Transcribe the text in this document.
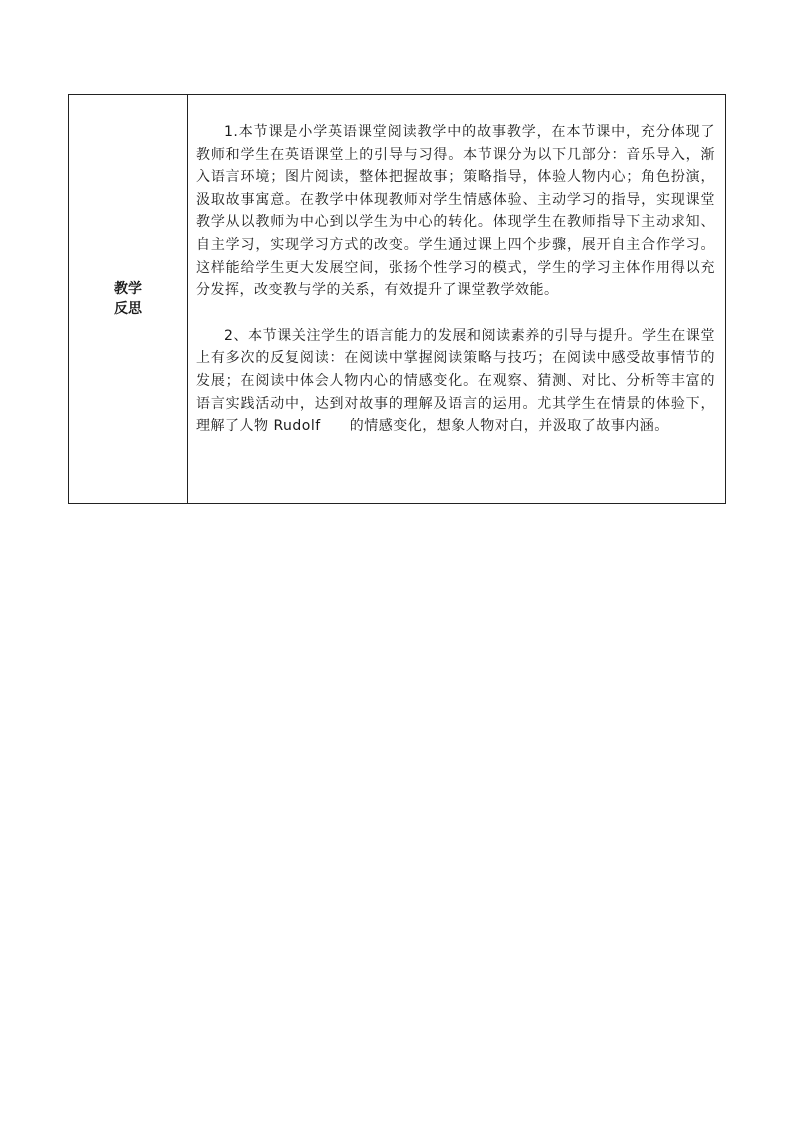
教学
反思

1.本节课是小学英语课堂阅读教学中的故事教学，在本节课中，充分体现了教师和学生在英语课堂上的引导与习得。本节课分为以下几部分：音乐导入，渐入语言环境；图片阅读，整体把握故事；策略指导，体验人物内心；角色扮演，汲取故事寓意。在教学中体现教师对学生情感体验、主动学习的指导，实现课堂教学从以教师为中心到以学生为中心的转化。体现学生在教师指导下主动求知、自主学习，实现学习方式的改变。学生通过课上四个步骤，展开自主合作学习。这样能给学生更大发展空间，张扬个性学习的模式，学生的学习主体作用得以充分发挥，改变教与学的关系，有效提升了课堂教学效能。

2、本节课关注学生的语言能力的发展和阅读素养的引导与提升。学生在课堂上有多次的反复阅读：在阅读中掌握阅读策略与技巧；在阅读中感受故事情节的发展；在阅读中体会人物内心的情感变化。在观察、猜测、对比、分析等丰富的语言实践活动中，达到对故事的理解及语言的运用。尤其学生在情景的体验下，理解了人物 Rudolf　　的情感变化，想象人物对白，并汲取了故事内涵。
